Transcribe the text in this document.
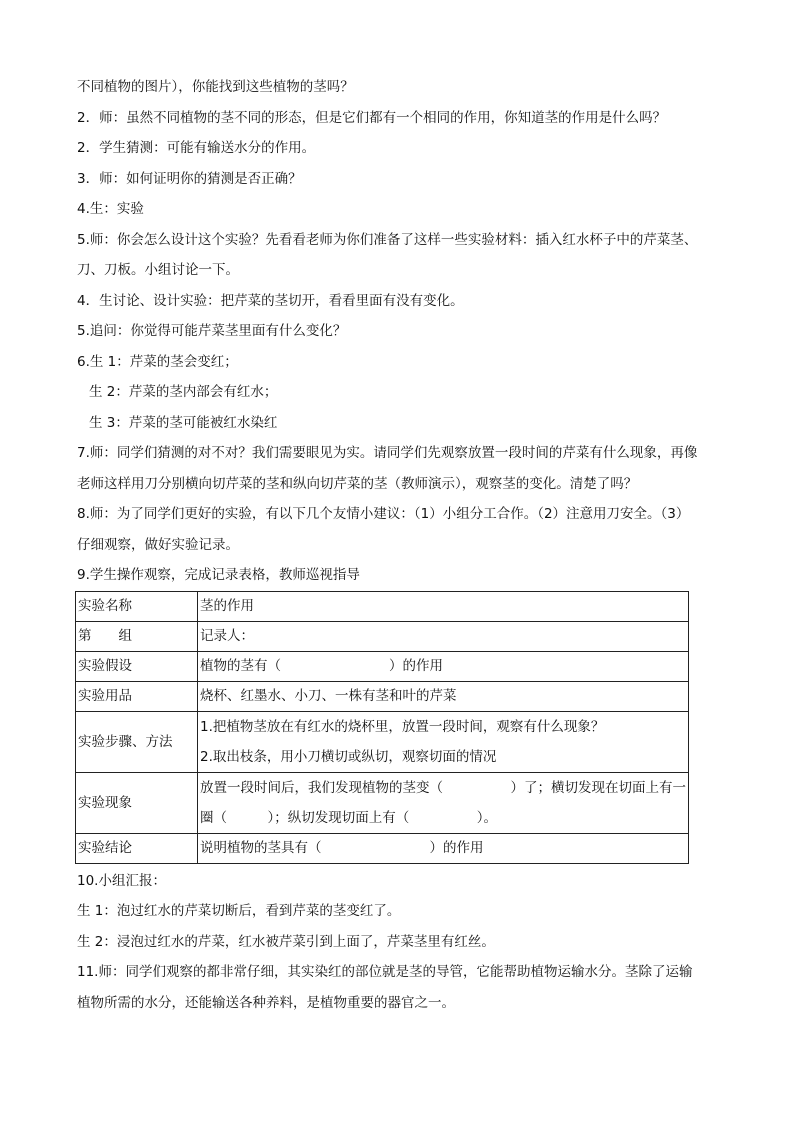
不同植物的图片），你能找到这些植物的茎吗？
2．师：虽然不同植物的茎不同的形态，但是它们都有一个相同的作用，你知道茎的作用是什么吗？
2．学生猜测：可能有输送水分的作用。
3．师：如何证明你的猜测是否正确？
4.生：实验
5.师：你会怎么设计这个实验？先看看老师为你们准备了这样一些实验材料：插入红水杯子中的芹菜茎、
刀、刀板。小组讨论一下。
4．生讨论、设计实验：把芹菜的茎切开，看看里面有没有变化。
5.追问：你觉得可能芹菜茎里面有什么变化？
6.生 1：芹菜的茎会变红；
生 2：芹菜的茎内部会有红水；
生 3：芹菜的茎可能被红水染红
7.师：同学们猜测的对不对？我们需要眼见为实。请同学们先观察放置一段时间的芹菜有什么现象，再像
老师这样用刀分别横向切芹菜的茎和纵向切芹菜的茎（教师演示），观察茎的变化。清楚了吗？
8.师：为了同学们更好的实验，有以下几个友情小建议：（1）小组分工合作。（2）注意用刀安全。（3）
仔细观察，做好实验记录。
9.学生操作观察，完成记录表格，教师巡视指导
实验名称	茎的作用
第　　组	记录人：
实验假设	植物的茎有（　　　　　　　　）的作用
实验用品	烧杯、红墨水、小刀、一株有茎和叶的芹菜
实验步骤、方法	1.把植物茎放在有红水的烧杯里，放置一段时间，观察有什么现象？
2.取出枝条，用小刀横切或纵切，观察切面的情况

实验现象	放置一段时间后，我们发现植物的茎变（　　　　　）了；横切发现在切面上有一
圈（　　　）；纵切发现切面上有（　　　　　）。

实验结论	说明植物的茎具有（　　　　　　　　）的作用
10.小组汇报：
生 1：泡过红水的芹菜切断后，看到芹菜的茎变红了。
生 2：浸泡过红水的芹菜，红水被芹菜引到上面了，芹菜茎里有红丝。
11.师：同学们观察的都非常仔细，其实染红的部位就是茎的导管，它能帮助植物运输水分。茎除了运输
植物所需的水分，还能输送各种养料，是植物重要的器官之一。
